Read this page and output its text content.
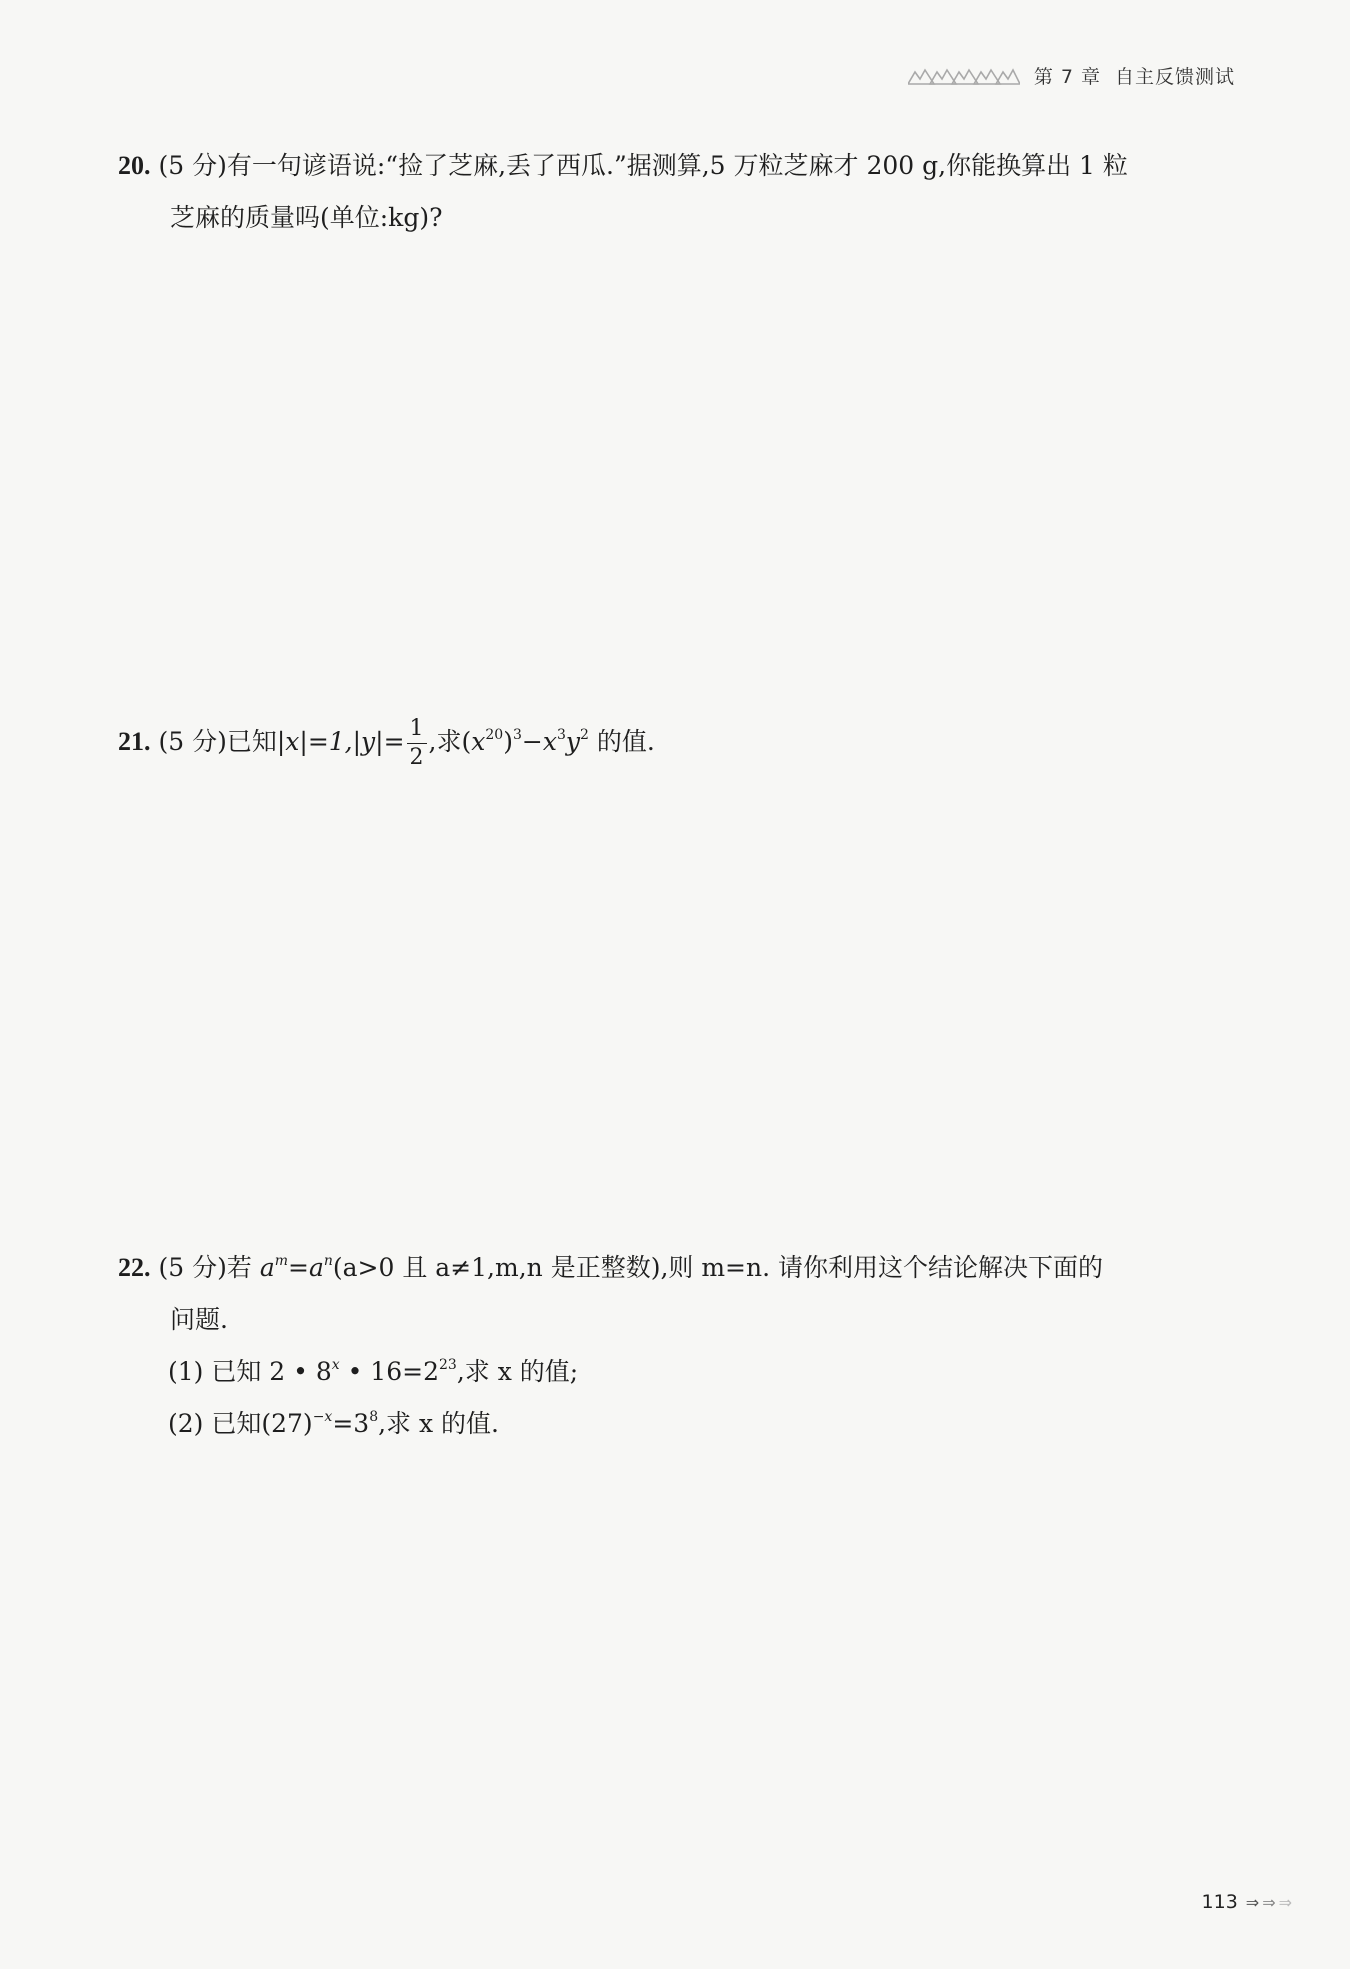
第 7 章 自主反馈测试
20. (5 分)有一句谚语说:“捡了芝麻,丢了西瓜.”据测算,5 万粒芝麻才 200 g,你能换算出 1 粒
芝麻的质量吗(单位:kg)?
21. (5 分)已知$|x|=1,|y|= \frac{1}{2}$ ,求$(x^{20})^3-x^3y^2$ 的值.
22. (5 分)若 $a^m=a^n(a>0$ 且 a≠1,m,n 是正整数),则 m=n. 请你利用这个结论解决下面的
问题.
(1) 已知 2 • 8$^x$ • $16=2^{23}$,求 x 的值;
(2) 已知$(27)^{-x}=3^8$,求 x 的值.
113 ⇒ ⇒ ⇒
